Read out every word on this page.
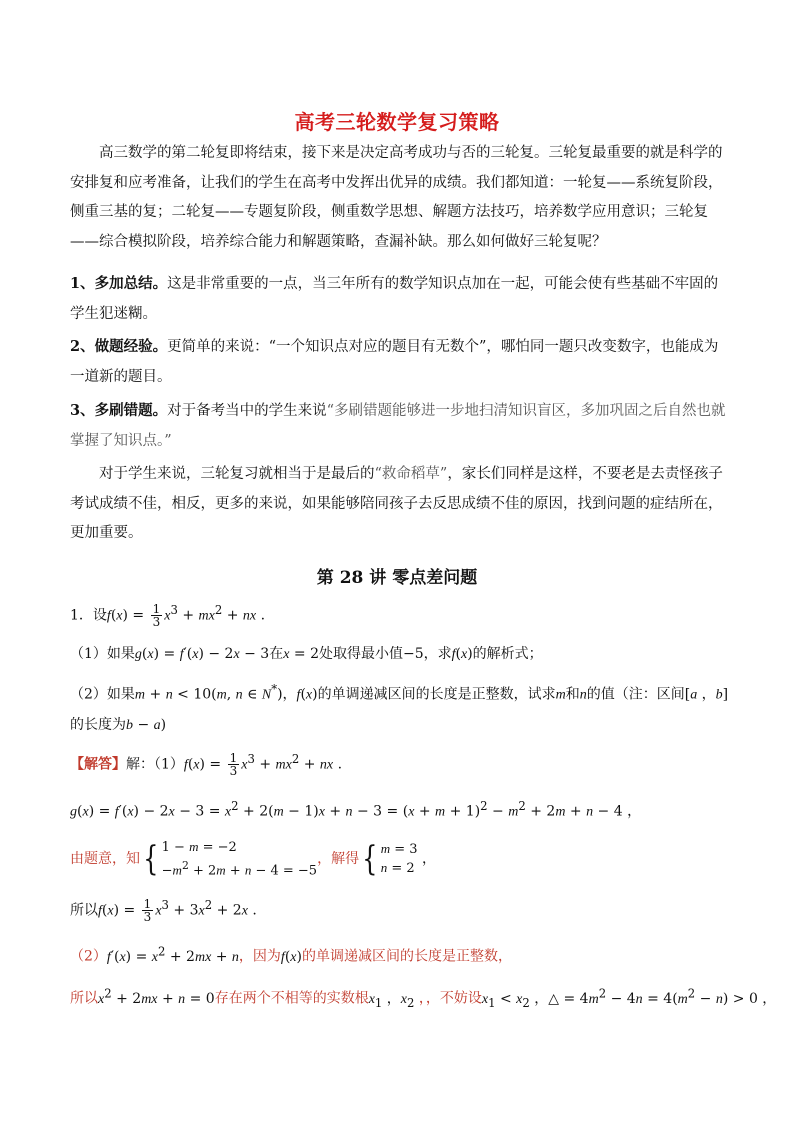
高考三轮数学复习策略
高三数学的第二轮复即将结束，接下来是决定高考成功与否的三轮复。三轮复最重要的就是科学的安排复和应考准备，让我们的学生在高考中发挥出优异的成绩。我们都知道：一轮复——系统复阶段，侧重三基的复；二轮复——专题复阶段，侧重数学思想、解题方法技巧，培养数学应用意识；三轮复——综合模拟阶段，培养综合能力和解题策略，查漏补缺。那么如何做好三轮复呢？
1、多加总结。这是非常重要的一点，当三年所有的数学知识点加在一起，可能会使有些基础不牢固的学生犯迷糊。
2、做题经验。更简单的来说：“一个知识点对应的题目有无数个”，哪怕同一题只改变数字，也能成为一道新的题目。
3、多刷错题。对于备考当中的学生来说“多刷错题能够进一步地扫清知识盲区，多加巩固之后自然也就掌握了知识点。”
对于学生来说，三轮复习就相当于是最后的“救命稻草”，家长们同样是这样，不要老是去责怪孩子考试成绩不佳，相反，更多的来说，如果能够陪同孩子去反思成绩不佳的原因，找到问题的症结所在，更加重要。
第 28 讲 零点差问题
1．设$f(x) = \frac{1}{3} x^3 + mx^2$ + nx .
（1）如果g(x) = f′(x) − 2x − 3在x = 2处取得最小值−5，求f(x)的解析式；
（2）如果m + n < 10(m, n ∈ N*)，f(x)的单调递减区间的长度是正整数，试求m和n的值（注：区间[a ，b]
的长度为b − a)
【解答】解：$(1)f(x) = \frac{1}{3} x^3 + mx^2$ + nx .
$g(x) = f'(x) - 2x - 3 = x^2 + 2(m - 1)x + n - 3 = (x + m + 1)^2 - m^2 + 2m + n - 4$ ，
由题意，知{ 1 − m = −2
$-m^2 + 2m + n - 4 = -5$
，解得{ m = 3
n = 2
，
所以$f(x) = \frac{1}{3} x^3 + 3x^2 + 2x$ .
$(2)f'(x) = x^2 + 2mx + n$，因为f(x)的单调递减区间的长度是正整数，
所以$x^2 + 2mx + n = 0$存在两个不相等的实数根$x_1$ ，$x_2$ ，，不妨设$x_1 < x_2$ ，△ = $4m^2 - 4n = 4(m^2 - n) > 0$ ，
